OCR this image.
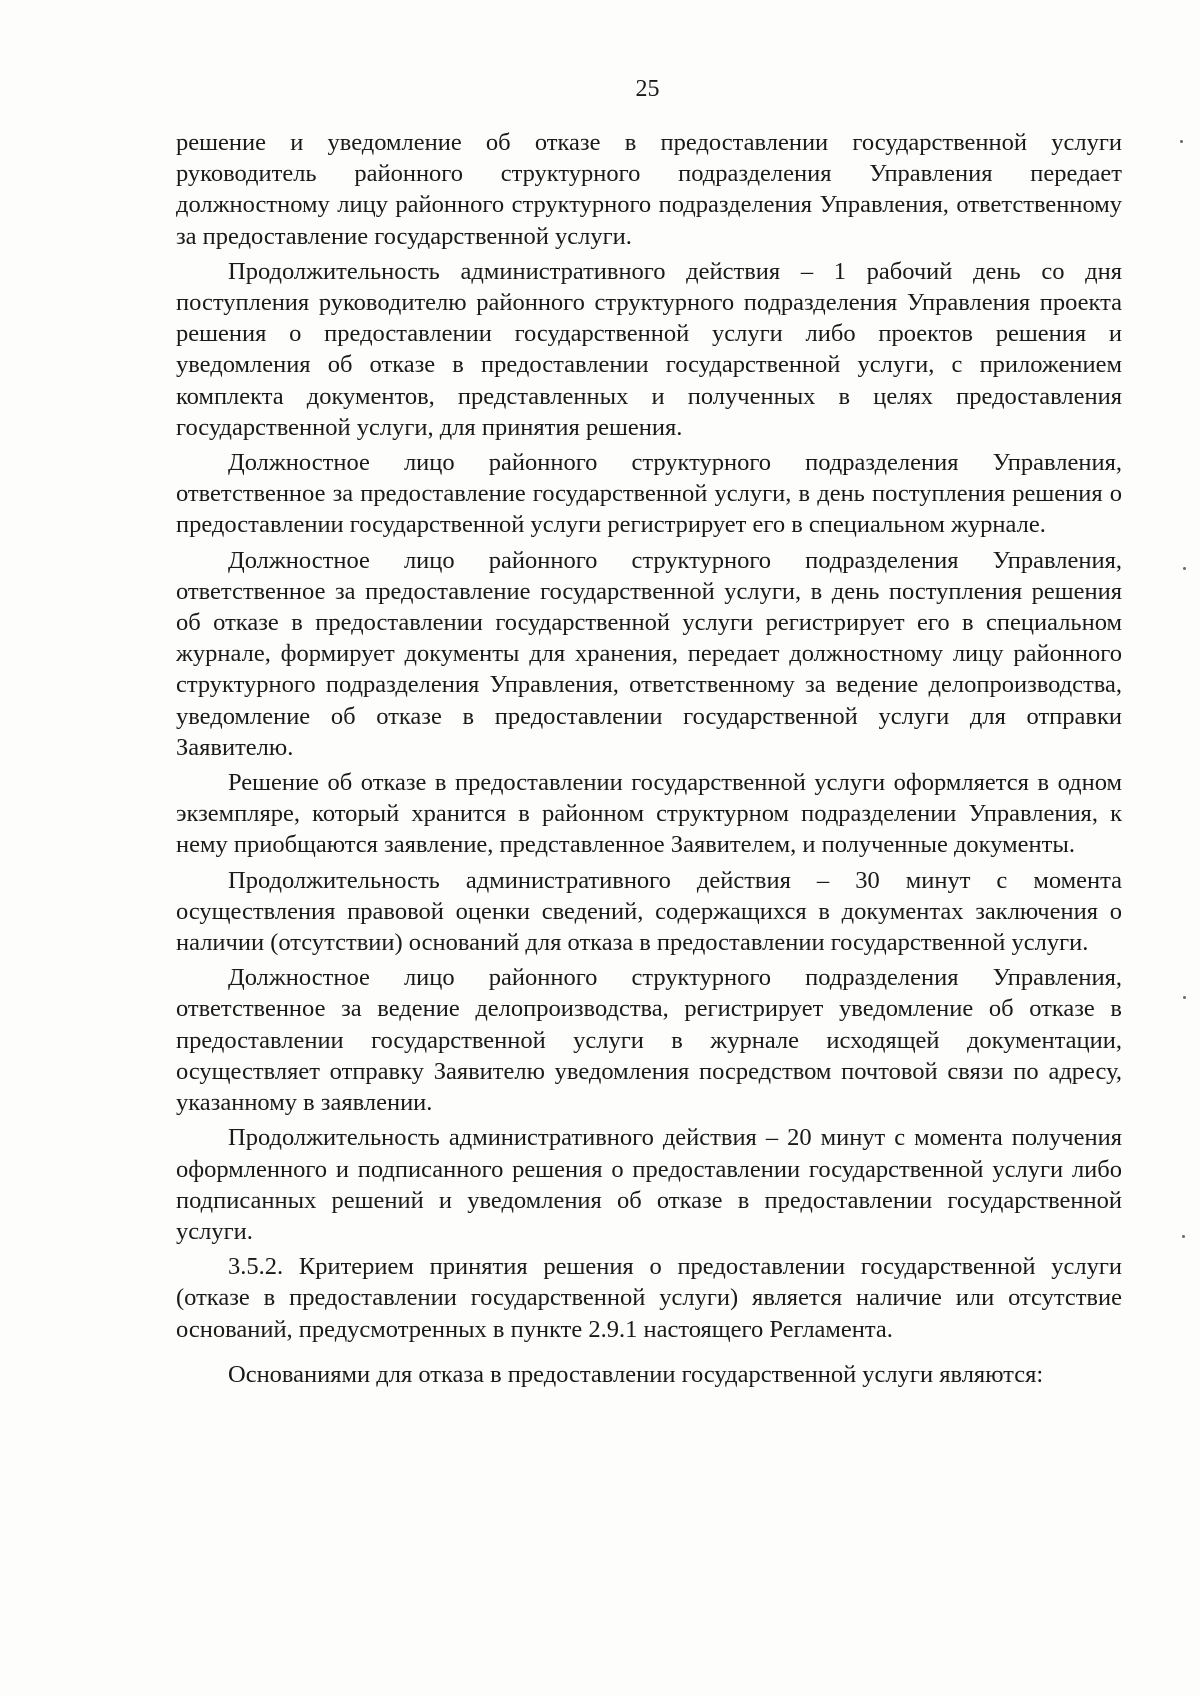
25

решение и уведомление об отказе в предоставлении государственной услуги руководитель районного структурного подразделения Управления передает должностному лицу районного структурного подразделения Управления, ответственному за предоставление государственной услуги.

Продолжительность административного действия – 1 рабочий день со дня поступления руководителю районного структурного подразделения Управления проекта решения о предоставлении государственной услуги либо проектов решения и уведомления об отказе в предоставлении государственной услуги, с приложением комплекта документов, представленных и полученных в целях предоставления государственной услуги, для принятия решения.

Должностное лицо районного структурного подразделения Управления, ответственное за предоставление государственной услуги, в день поступления решения о предоставлении государственной услуги регистрирует его в специальном журнале.

Должностное лицо районного структурного подразделения Управления, ответственное за предоставление государственной услуги, в день поступления решения об отказе в предоставлении государственной услуги регистрирует его в специальном журнале, формирует документы для хранения, передает должностному лицу районного структурного подразделения Управления, ответственному за ведение делопроизводства, уведомление об отказе в предоставлении государственной услуги для отправки Заявителю.

Решение об отказе в предоставлении государственной услуги оформляется в одном экземпляре, который хранится в районном структурном подразделении Управления, к нему приобщаются заявление, представленное Заявителем, и полученные документы.

Продолжительность административного действия – 30 минут с момента осуществления правовой оценки сведений, содержащихся в документах заключения о наличии (отсутствии) оснований для отказа в предоставлении государственной услуги.

Должностное лицо районного структурного подразделения Управления, ответственное за ведение делопроизводства, регистрирует уведомление об отказе в предоставлении государственной услуги в журнале исходящей документации, осуществляет отправку Заявителю уведомления посредством почтовой связи по адресу, указанному в заявлении.

Продолжительность административного действия – 20 минут с момента получения оформленного и подписанного решения о предоставлении государственной услуги либо подписанных решений и уведомления об отказе в предоставлении государственной услуги.

3.5.2. Критерием принятия решения о предоставлении государственной услуги (отказе в предоставлении государственной услуги) является наличие или отсутствие оснований, предусмотренных в пункте 2.9.1 настоящего Регламента.

Основаниями для отказа в предоставлении государственной услуги являются:
